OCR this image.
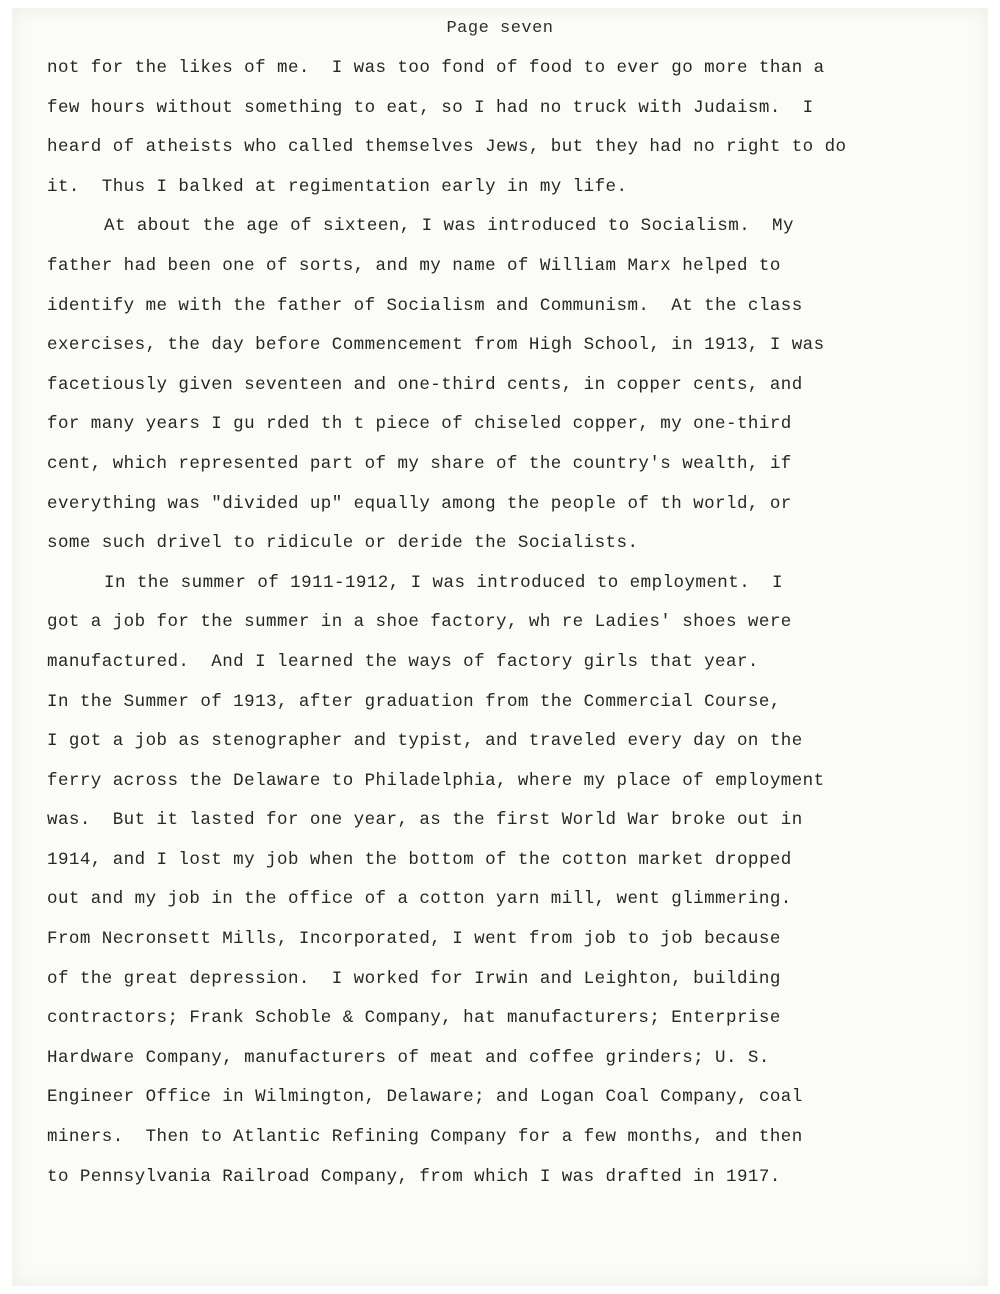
Page seven
not for the likes of me.  I was too fond of food to ever go more than a
few hours without something to eat, so I had no truck with Judaism.  I
heard of atheists who called themselves Jews, but they had no right to do
it.  Thus I balked at regimentation early in my life.
At about the age of sixteen, I was introduced to Socialism.  My
father had been one of sorts, and my name of William Marx helped to
identify me with the father of Socialism and Communism.  At the class
exercises, the day before Commencement from High School, in 1913, I was
facetiously given seventeen and one-third cents, in copper cents, and
for many years I gu rded th t piece of chiseled copper, my one-third
cent, which represented part of my share of the country's wealth, if
everything was "divided up" equally among the people of th world, or
some such drivel to ridicule or deride the Socialists.
In the summer of 1911-1912, I was introduced to employment.  I
got a job for the summer in a shoe factory, wh re Ladies' shoes were
manufactured.  And I learned the ways of factory girls that year.
In the Summer of 1913, after graduation from the Commercial Course,
I got a job as stenographer and typist, and traveled every day on the
ferry across the Delaware to Philadelphia, where my place of employment
was.  But it lasted for one year, as the first World War broke out in
1914, and I lost my job when the bottom of the cotton market dropped
out and my job in the office of a cotton yarn mill, went glimmering.
From Necronsett Mills, Incorporated, I went from job to job because
of the great depression.  I worked for Irwin and Leighton, building
contractors; Frank Schoble & Company, hat manufacturers; Enterprise
Hardware Company, manufacturers of meat and coffee grinders; U. S.
Engineer Office in Wilmington, Delaware; and Logan Coal Company, coal
miners.  Then to Atlantic Refining Company for a few months, and then
to Pennsylvania Railroad Company, from which I was drafted in 1917.
